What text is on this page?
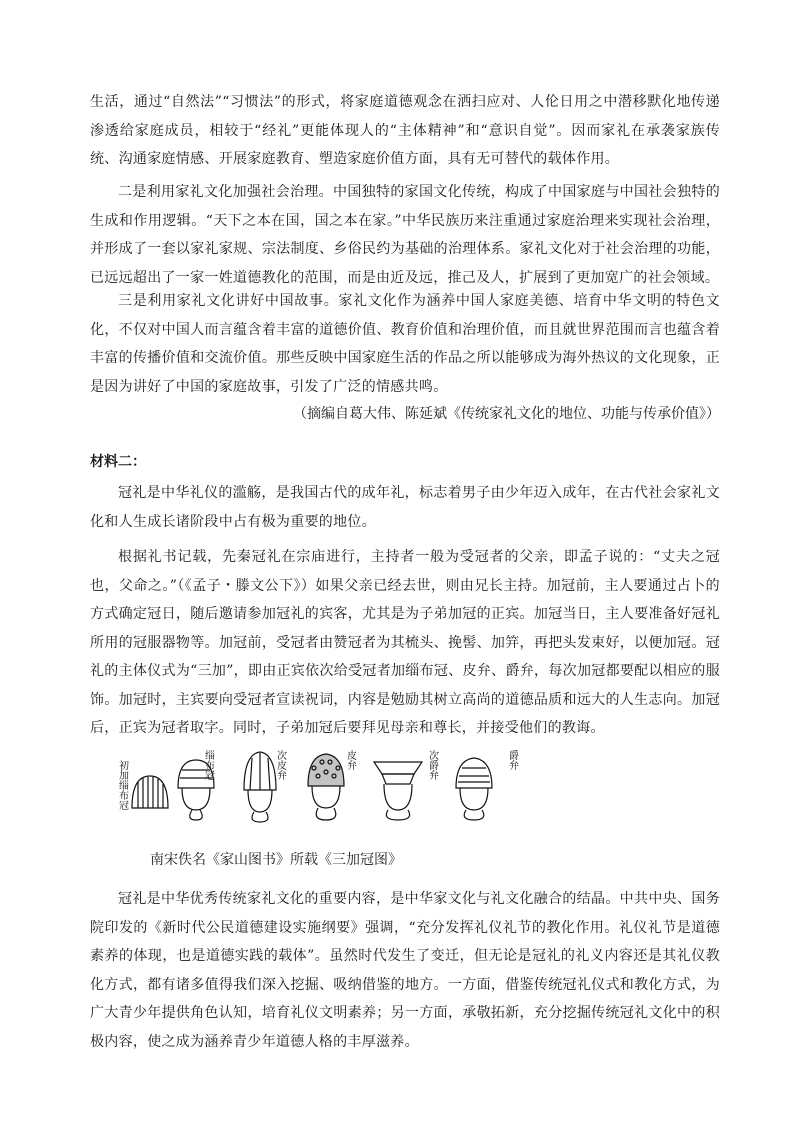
生活，通过“自然法”“习惯法”的形式，将家庭道德观念在洒扫应对、人伦日用之中潜移默化地传递渗透给家庭成员，相较于“经礼”更能体现人的“主体精神”和“意识自觉”。因而家礼在承袭家族传统、沟通家庭情感、开展家庭教育、塑造家庭价值方面，具有无可替代的载体作用。

二是利用家礼文化加强社会治理。中国独特的家国文化传统，构成了中国家庭与中国社会独特的生成和作用逻辑。“天下之本在国，国之本在家。”中华民族历来注重通过家庭治理来实现社会治理，并形成了一套以家礼家规、宗法制度、乡俗民约为基础的治理体系。家礼文化对于社会治理的功能，已远远超出了一家一姓道德教化的范围，而是由近及远，推己及人，扩展到了更加宽广的社会领域。

三是利用家礼文化讲好中国故事。家礼文化作为涵养中国人家庭美德、培育中华文明的特色文化，不仅对中国人而言蕴含着丰富的道德价值、教育价值和治理价值，而且就世界范围而言也蕴含着丰富的传播价值和交流价值。那些反映中国家庭生活的作品之所以能够成为海外热议的文化现象，正是因为讲好了中国的家庭故事，引发了广泛的情感共鸣。

（摘编自葛大伟、陈延斌《传统家礼文化的地位、功能与传承价值》）

材料二：

冠礼是中华礼仪的滥觞，是我国古代的成年礼，标志着男子由少年迈入成年，在古代社会家礼文化和人生成长诸阶段中占有极为重要的地位。

根据礼书记载，先秦冠礼在宗庙进行，主持者一般为受冠者的父亲，即孟子说的：“丈夫之冠也，父命之。”（《孟子・滕文公下》）如果父亲已经去世，则由兄长主持。加冠前，主人要通过占卜的方式确定冠日，随后邀请参加冠礼的宾客，尤其是为子弟加冠的正宾。加冠当日，主人要准备好冠礼所用的冠服器物等。加冠前，受冠者由赞冠者为其梳头、挽髻、加笄，再把头发束好，以便加冠。冠礼的主体仪式为“三加”，即由正宾依次给受冠者加缁布冠、皮弁、爵弁，每次加冠都要配以相应的服饰。加冠时，主宾要向受冠者宣读祝词，内容是勉励其树立高尚的道德品质和远大的人生志向。加冠后，正宾为冠者取字。同时，子弟加冠后要拜见母亲和尊长，并接受他们的教诲。

初加缁布冠	缁布冠	次皮弁	皮弁	次爵弁	爵弁

南宋佚名《家山图书》所载《三加冠图》

冠礼是中华优秀传统家礼文化的重要内容，是中华家文化与礼文化融合的结晶。中共中央、国务院印发的《新时代公民道德建设实施纲要》强调，“充分发挥礼仪礼节的教化作用。礼仪礼节是道德素养的体现，也是道德实践的载体”。虽然时代发生了变迁，但无论是冠礼的礼义内容还是其礼仪教化方式，都有诸多值得我们深入挖掘、吸纳借鉴的地方。一方面，借鉴传统冠礼仪式和教化方式，为广大青少年提供角色认知，培育礼仪文明素养；另一方面，承敬拓新，充分挖掘传统冠礼文化中的积极内容，使之成为涵养青少年道德人格的丰厚滋养。
